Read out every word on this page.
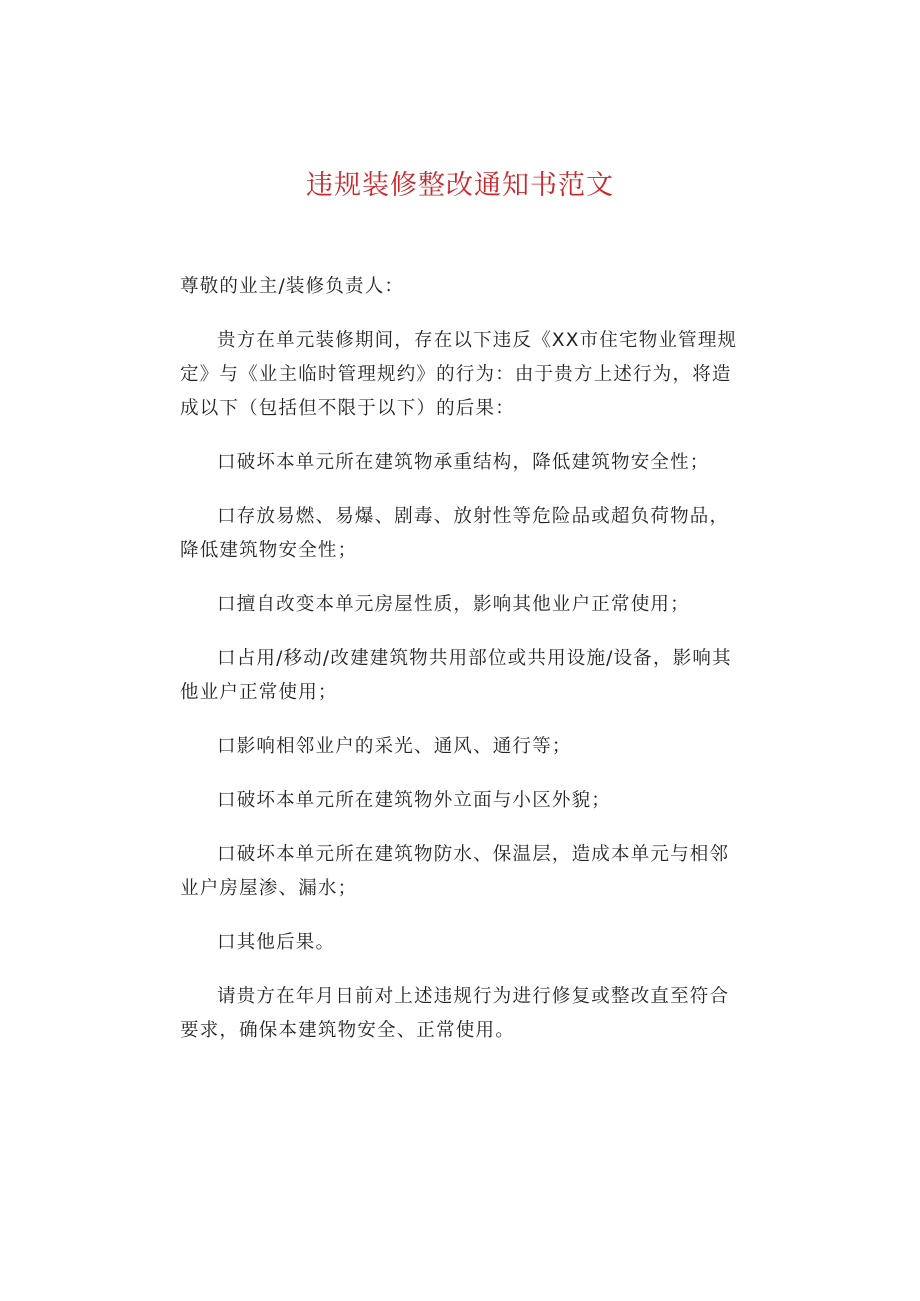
违规装修整改通知书范文

尊敬的业主/装修负责人：

贵方在单元装修期间，存在以下违反《XX市住宅物业管理规定》与《业主临时管理规约》的行为：由于贵方上述行为，将造成以下（包括但不限于以下）的后果：

口破坏本单元所在建筑物承重结构，降低建筑物安全性；

口存放易燃、易爆、剧毒、放射性等危险品或超负荷物品，降低建筑物安全性；

口擅自改变本单元房屋性质，影响其他业户正常使用；

口占用/移动/改建建筑物共用部位或共用设施/设备，影响其他业户正常使用；

口影响相邻业户的采光、通风、通行等；

口破坏本单元所在建筑物外立面与小区外貌；

口破坏本单元所在建筑物防水、保温层，造成本单元与相邻业户房屋渗、漏水；

口其他后果。

请贵方在年月日前对上述违规行为进行修复或整改直至符合要求，确保本建筑物安全、正常使用。
